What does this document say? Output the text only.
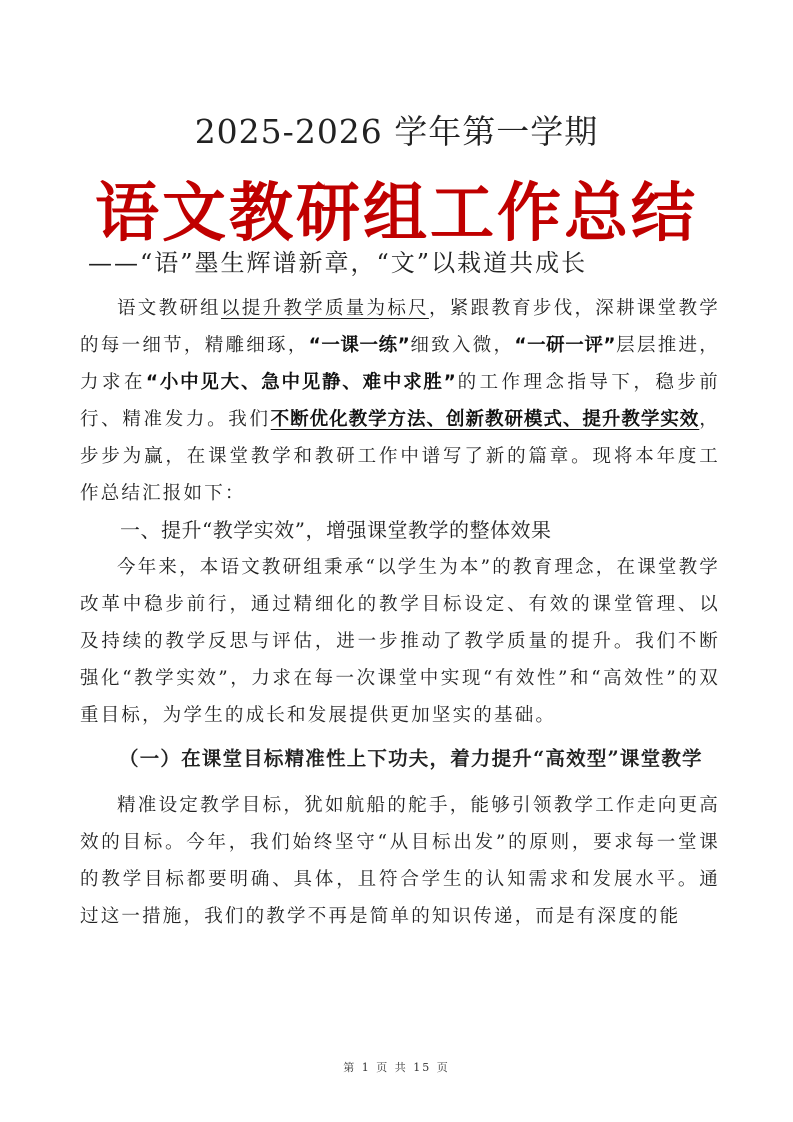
2025-2026 学年第一学期
语文教研组工作总结
——“语”墨生辉谱新章，“文”以栽道共成长

语文教研组以提升教学质量为标尺，紧跟教育步伐，深耕课堂教学的每一细节，精雕细琢，“一课一练”细致入微，“一研一评”层层推进，力求在“小中见大、急中见静、难中求胜”的工作理念指导下，稳步前行、精准发力。我们不断优化教学方法、创新教研模式、提升教学实效，步步为赢，在课堂教学和教研工作中谱写了新的篇章。现将本年度工作总结汇报如下：

一、提升“教学实效”，增强课堂教学的整体效果

今年来，本语文教研组秉承“以学生为本”的教育理念，在课堂教学改革中稳步前行，通过精细化的教学目标设定、有效的课堂管理、以及持续的教学反思与评估，进一步推动了教学质量的提升。我们不断强化“教学实效”，力求在每一次课堂中实现“有效性”和“高效性”的双重目标，为学生的成长和发展提供更加坚实的基础。

（一）在课堂目标精准性上下功夫，着力提升“高效型”课堂教学

精准设定教学目标，犹如航船的舵手，能够引领教学工作走向更高效的目标。今年，我们始终坚守“从目标出发”的原则，要求每一堂课的教学目标都要明确、具体，且符合学生的认知需求和发展水平。通过这一措施，我们的教学不再是简单的知识传递，而是有深度的能

第 1 页 共 15 页
